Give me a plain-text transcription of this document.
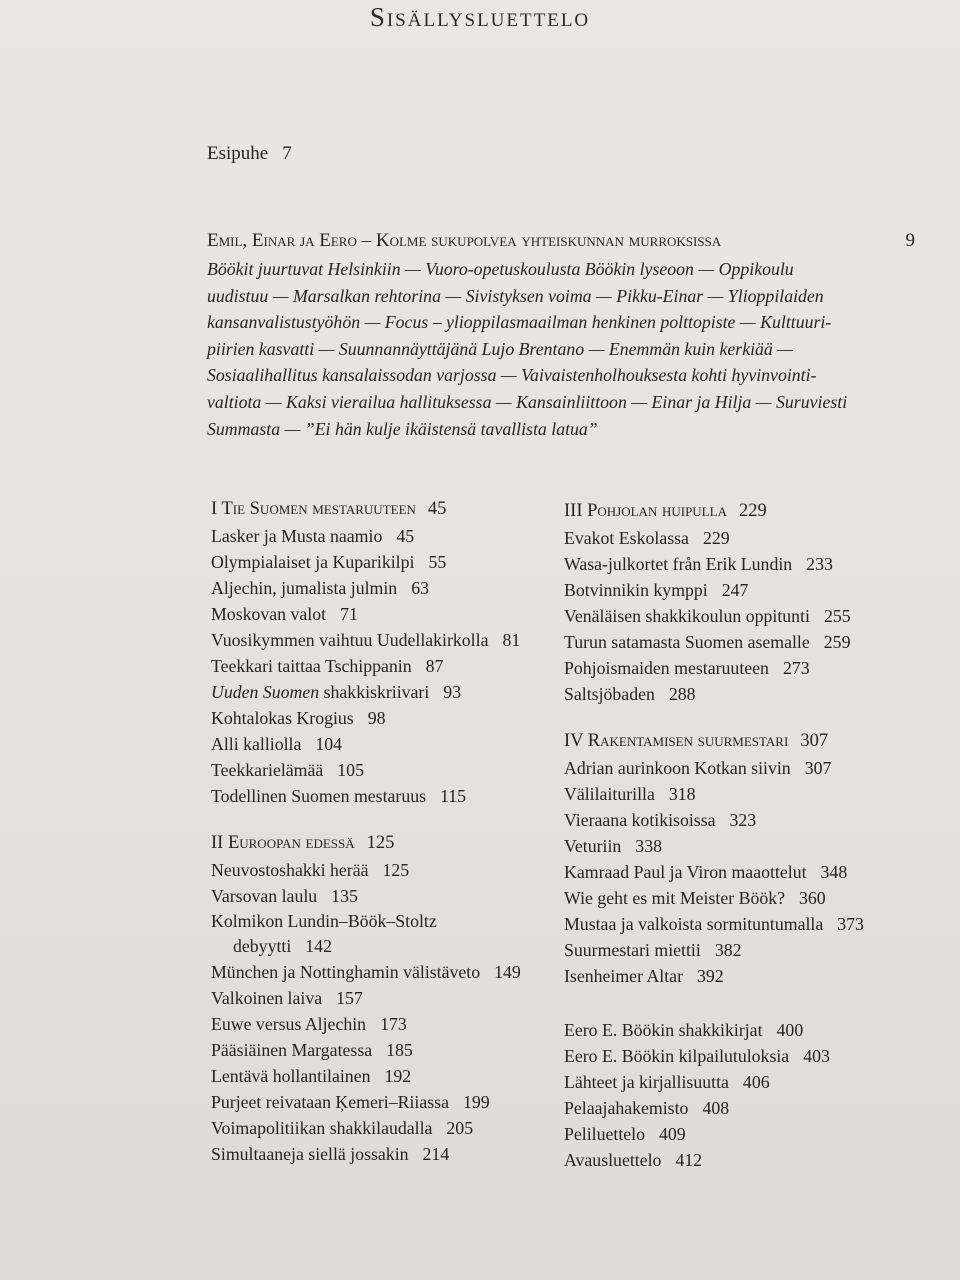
Sisällysluettelo
Esipuhe 7
Emil, Einar ja Eero – Kolme sukupolvea yhteiskunnan murroksissa	9
Böökit juurtuvat Helsinkiin — Vuoro-opetuskoulusta Böökin lyseoon — Oppikoulu
uudistuu — Marsalkan rehtorina — Sivistyksen voima — Pikku-Einar — Ylioppilaiden
kansanvalistustyöhön — Focus – ylioppilasmaailman henkinen polttopiste — Kulttuuri-
piirien kasvatti — Suunnannäyttäjänä Lujo Brentano — Enemmän kuin kerkiää —
Sosiaalihallitus kansalaissodan varjossa — Vaivaistenholhouksesta kohti hyvinvointi-
valtiota — Kaksi vierailua hallituksessa — Kansainliittoon — Einar ja Hilja — Suruviesti
Summasta — ”Ei hän kulje ikäistensä tavallista latua”
I Tie Suomen mestaruuteen 45
Lasker ja Musta naamio 45
Olympialaiset ja Kuparikilpi 55
Aljechin, jumalista julmin 63
Moskovan valot 71
Vuosikymmen vaihtuu Uudellakirkolla 81
Teekkari taittaa Tschippanin 87
Uuden Suomen shakkiskriivari 93
Kohtalokas Krogius 98
Alli kalliolla 104
Teekkarielämää 105
Todellinen Suomen mestaruus 115
II Euroopan edessä 125
Neuvostoshakki herää 125
Varsovan laulu 135
Kolmikon Lundin–Böök–Stoltz
debyytti 142
München ja Nottinghamin välistäveto 149
Valkoinen laiva 157
Euwe versus Aljechin 173
Pääsiäinen Margatessa 185
Lentävä hollantilainen 192
Purjeet reivataan Ķemeri–Riiassa 199
Voimapolitiikan shakkilaudalla 205
Simultaaneja siellä jossakin 214
III Pohjolan huipulla 229
Evakot Eskolassa 229
Wasa-julkortet från Erik Lundin 233
Botvinnikin kymppi 247
Venäläisen shakkikoulun oppitunti 255
Turun satamasta Suomen asemalle 259
Pohjoismaiden mestaruuteen 273
Saltsjöbaden 288
IV Rakentamisen suurmestari 307
Adrian aurinkoon Kotkan siivin 307
Välilaiturilla 318
Vieraana kotikisoissa 323
Veturiin 338
Kamraad Paul ja Viron maaottelut 348
Wie geht es mit Meister Böök? 360
Mustaa ja valkoista sormituntumalla 373
Suurmestari miettii 382
Isenheimer Altar 392
Eero E. Böökin shakkikirjat 400
Eero E. Böökin kilpailutuloksia 403
Lähteet ja kirjallisuutta 406
Pelaajahakemisto 408
Peliluettelo 409
Avausluettelo 412
